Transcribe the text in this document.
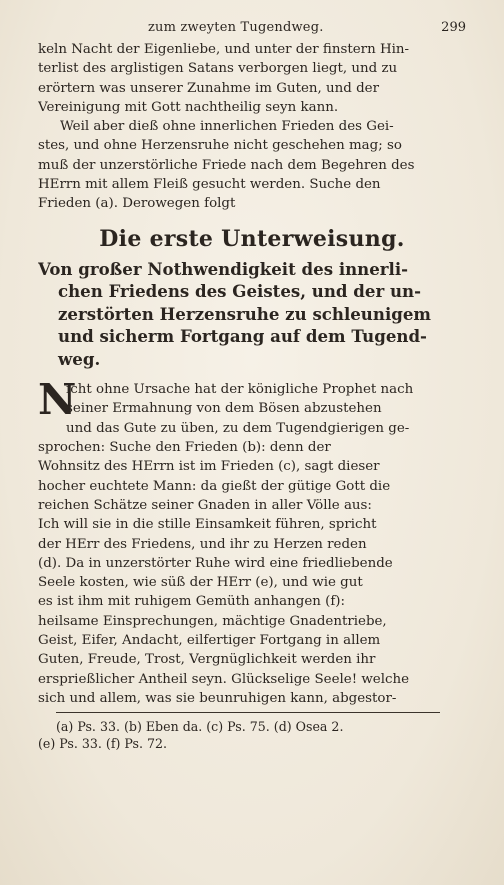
zum zweyten Tugendweg.	299

keln Nacht der Eigenliebe, und unter der finstern Hin-
terlist des arglistigen Satans verborgen liegt, und zu
erörtern was unserer Zunahme im Guten, und der
Vereinigung mit Gott nachtheilig seyn kann.

Weil aber dieß ohne innerlichen Frieden des Gei-
stes, und ohne Herzensruhe nicht geschehen mag; so
muß der unzerstörliche Friede nach dem Begehren des
HErrn mit allem Fleiß gesucht werden. Suche den
Frieden (a). Derowegen folgt

Die erste Unterweisung.
Von großer Nothwendigkeit des innerli-
chen Friedens des Geistes, und der un-
zerstörten Herzensruhe zu schleunigem
und sicherm Fortgang auf dem Tugend-
weg.
N
icht ohne Ursache hat der königliche Prophet nach
seiner Ermahnung von dem Bösen abzustehen
und das Gute zu üben, zu dem Tugendgierigen ge-
sprochen: Suche den Frieden (b): denn der
Wohnsitz des HErrn ist im Frieden (c), sagt dieser
hocher euchtete Mann: da gießt der gütige Gott die
reichen Schätze seiner Gnaden in aller Völle aus:
Ich will sie in die stille Einsamkeit führen, spricht
der HErr des Friedens, und ihr zu Herzen reden
(d). Da in unzerstörter Ruhe wird eine friedliebende
Seele kosten, wie süß der HErr (e), und wie gut
es ist ihm mit ruhigem Gemüth anhangen (f):
heilsame Einsprechungen, mächtige Gnadentriebe,
Geist, Eifer, Andacht, eilfertiger Fortgang in allem
Guten, Freude, Trost, Vergnüglichkeit werden ihr
ersprießlicher Antheil seyn. Glückselige Seele! welche
sich und allem, was sie beunruhigen kann, abgestor-
(a) Ps. 33. (b) Eben da. (c) Ps. 75. (d) Osea 2.
(e) Ps. 33. (f) Ps. 72.
